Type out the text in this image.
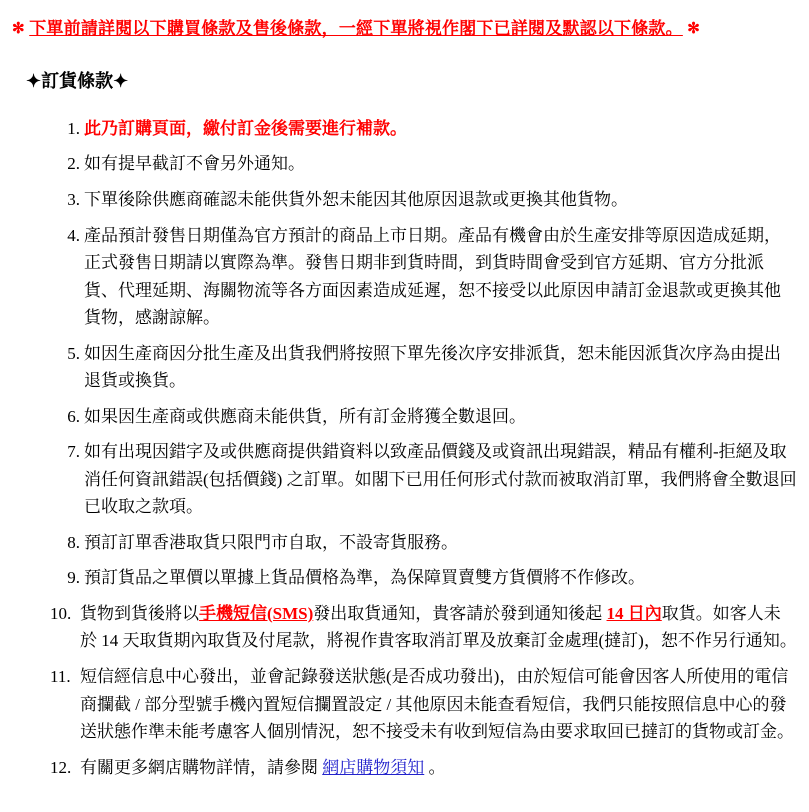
✻ 下單前請詳閱以下購買條款及售後條款，一經下單將視作閣下已詳閱及默認以下條款。 ✻
✦訂貨條款✦
此乃訂購頁面，繳付訂金後需要進行補款。
如有提早截訂不會另外通知。
下單後除供應商確認未能供貨外恕未能因其他原因退款或更換其他貨物。
產品預計發售日期僅為官方預計的商品上市日期。產品有機會由於生產安排等原因造成延期，正式發售日期請以實際為準。發售日期非到貨時間，到貨時間會受到官方延期、官方分批派貨、代理延期、海關物流等各方面因素造成延遲，恕不接受以此原因申請訂金退款或更換其他貨物，感謝諒解。
如因生產商因分批生產及出貨我們將按照下單先後次序安排派貨，恕未能因派貨次序為由提出退貨或換貨。
如果因生產商或供應商未能供貨，所有訂金將獲全數退回。
如有出現因錯字及或供應商提供錯資料以致產品價錢及或資訊出現錯誤，精品有權利-拒絕及取消任何資訊錯誤(包括價錢) 之訂單。如閣下已用任何形式付款而被取消訂單，我們將會全數退回已收取之款項。
預訂訂單香港取貨只限門市自取，不設寄貨服務。
預訂貨品之單價以單據上貨品價格為準，為保障買賣雙方貨價將不作修改。
貨物到貨後將以手機短信(SMS)發出取貨通知，貴客請於發到通知後起 14 日內取貨。如客人未於 14 天取貨期內取貨及付尾款，將視作貴客取消訂單及放棄訂金處理(撻訂)，恕不作另行通知。
短信經信息中心發出，並會記錄發送狀態(是否成功發出)，由於短信可能會因客人所使用的電信商攔截 / 部分型號手機內置短信攔置設定 / 其他原因未能查看短信，我們只能按照信息中心的發送狀態作準未能考慮客人個別情況，恕不接受未有收到短信為由要求取回已撻訂的貨物或訂金。
有關更多網店購物詳情，請參閱 網店購物須知 。
